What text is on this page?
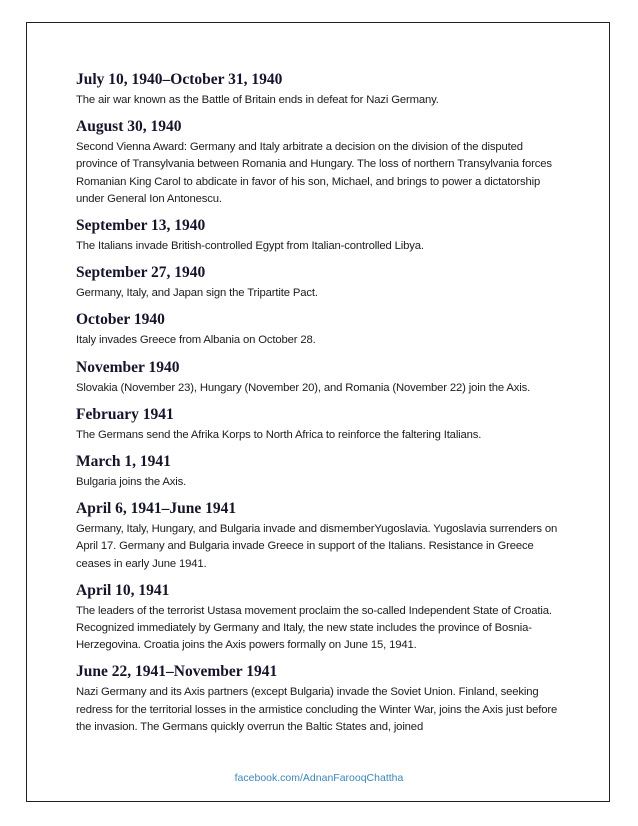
July 10, 1940–October 31, 1940

The air war known as the Battle of Britain ends in defeat for Nazi Germany.

August 30, 1940

Second Vienna Award: Germany and Italy arbitrate a decision on the division of the disputed province of Transylvania between Romania and Hungary. The loss of northern Transylvania forces Romanian King Carol to abdicate in favor of his son, Michael, and brings to power a dictatorship under General Ion Antonescu.

September 13, 1940

The Italians invade British-controlled Egypt from Italian-controlled Libya.

September 27, 1940

Germany, Italy, and Japan sign the Tripartite Pact.

October 1940

Italy invades Greece from Albania on October 28.

November 1940

Slovakia (November 23), Hungary (November 20), and Romania (November 22) join the Axis.

February 1941

The Germans send the Afrika Korps to North Africa to reinforce the faltering Italians.

March 1, 1941

Bulgaria joins the Axis.

April 6, 1941–June 1941

Germany, Italy, Hungary, and Bulgaria invade and dismemberYugoslavia. Yugoslavia surrenders on April 17. Germany and Bulgaria invade Greece in support of the Italians. Resistance in Greece ceases in early June 1941.

April 10, 1941

The leaders of the terrorist Ustasa movement proclaim the so-called Independent State of Croatia. Recognized immediately by Germany and Italy, the new state includes the province of Bosnia-Herzegovina. Croatia joins the Axis powers formally on June 15, 1941.

June 22, 1941–November 1941

Nazi Germany and its Axis partners (except Bulgaria) invade the Soviet Union. Finland, seeking redress for the territorial losses in the armistice concluding the Winter War, joins the Axis just before the invasion. The Germans quickly overrun the Baltic States and, joined

facebook.com/AdnanFarooqChattha
